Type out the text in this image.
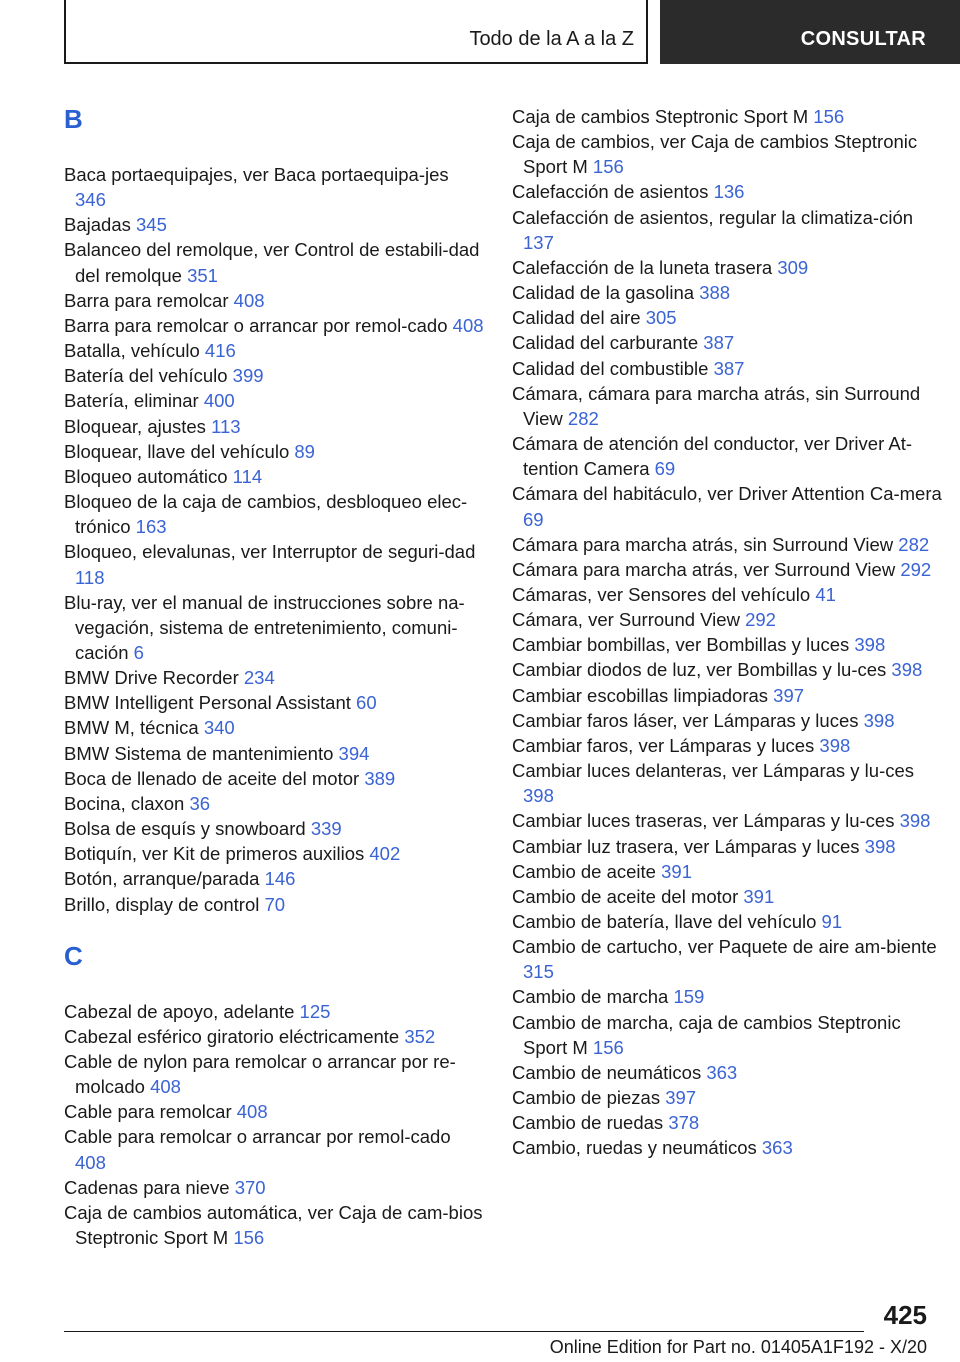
Todo de la A a la Z	CONSULTAR
B
Baca portaequipajes, ver Baca portaequipa‐jes 346
Bajadas 345
Balanceo del remolque, ver Control de estabili‐dad del remolque 351
Barra para remolcar 408
Barra para remolcar o arrancar por remol‐cado 408
Batalla, vehículo 416
Batería del vehículo 399
Batería, eliminar 400
Bloquear, ajustes 113
Bloquear, llave del vehículo 89
Bloqueo automático 114
Bloqueo de la caja de cambios, desbloqueo elec‐trónico 163
Bloqueo, elevalunas, ver Interruptor de seguri‐dad 118
Blu-ray, ver el manual de instrucciones sobre na‐vegación, sistema de entretenimiento, comuni‐cación 6
BMW Drive Recorder 234
BMW Intelligent Personal Assistant 60
BMW M, técnica 340
BMW Sistema de mantenimiento 394
Boca de llenado de aceite del motor 389
Bocina, claxon 36
Bolsa de esquís y snowboard 339
Botiquín, ver Kit de primeros auxilios 402
Botón, arranque/parada 146
Brillo, display de control 70
C
Cabezal de apoyo, adelante 125
Cabezal esférico giratorio eléctricamente 352
Cable de nylon para remolcar o arrancar por re‐molcado 408
Cable para remolcar 408
Cable para remolcar o arrancar por remol‐cado 408
Cadenas para nieve 370
Caja de cambios automática, ver Caja de cam‐bios Steptronic Sport M 156
Caja de cambios Steptronic Sport M 156
Caja de cambios, ver Caja de cambios Steptronic Sport M 156
Calefacción de asientos 136
Calefacción de asientos, regular la climatiza‐ción 137
Calefacción de la luneta trasera 309
Calidad de la gasolina 388
Calidad del aire 305
Calidad del carburante 387
Calidad del combustible 387
Cámara, cámara para marcha atrás, sin Surround View 282
Cámara de atención del conductor, ver Driver At‐tention Camera 69
Cámara del habitáculo, ver Driver Attention Ca‐mera 69
Cámara para marcha atrás, sin Surround View 282
Cámara para marcha atrás, ver Surround View 292
Cámaras, ver Sensores del vehículo 41
Cámara, ver Surround View 292
Cambiar bombillas, ver Bombillas y luces 398
Cambiar diodos de luz, ver Bombillas y lu‐ces 398
Cambiar escobillas limpiadoras 397
Cambiar faros láser, ver Lámparas y luces 398
Cambiar faros, ver Lámparas y luces 398
Cambiar luces delanteras, ver Lámparas y lu‐ces 398
Cambiar luces traseras, ver Lámparas y lu‐ces 398
Cambiar luz trasera, ver Lámparas y luces 398
Cambio de aceite 391
Cambio de aceite del motor 391
Cambio de batería, llave del vehículo 91
Cambio de cartucho, ver Paquete de aire am‐biente 315
Cambio de marcha 159
Cambio de marcha, caja de cambios Steptronic Sport M 156
Cambio de neumáticos 363
Cambio de piezas 397
Cambio de ruedas 378
Cambio, ruedas y neumáticos 363
425
Online Edition for Part no. 01405A1F192 - X/20
